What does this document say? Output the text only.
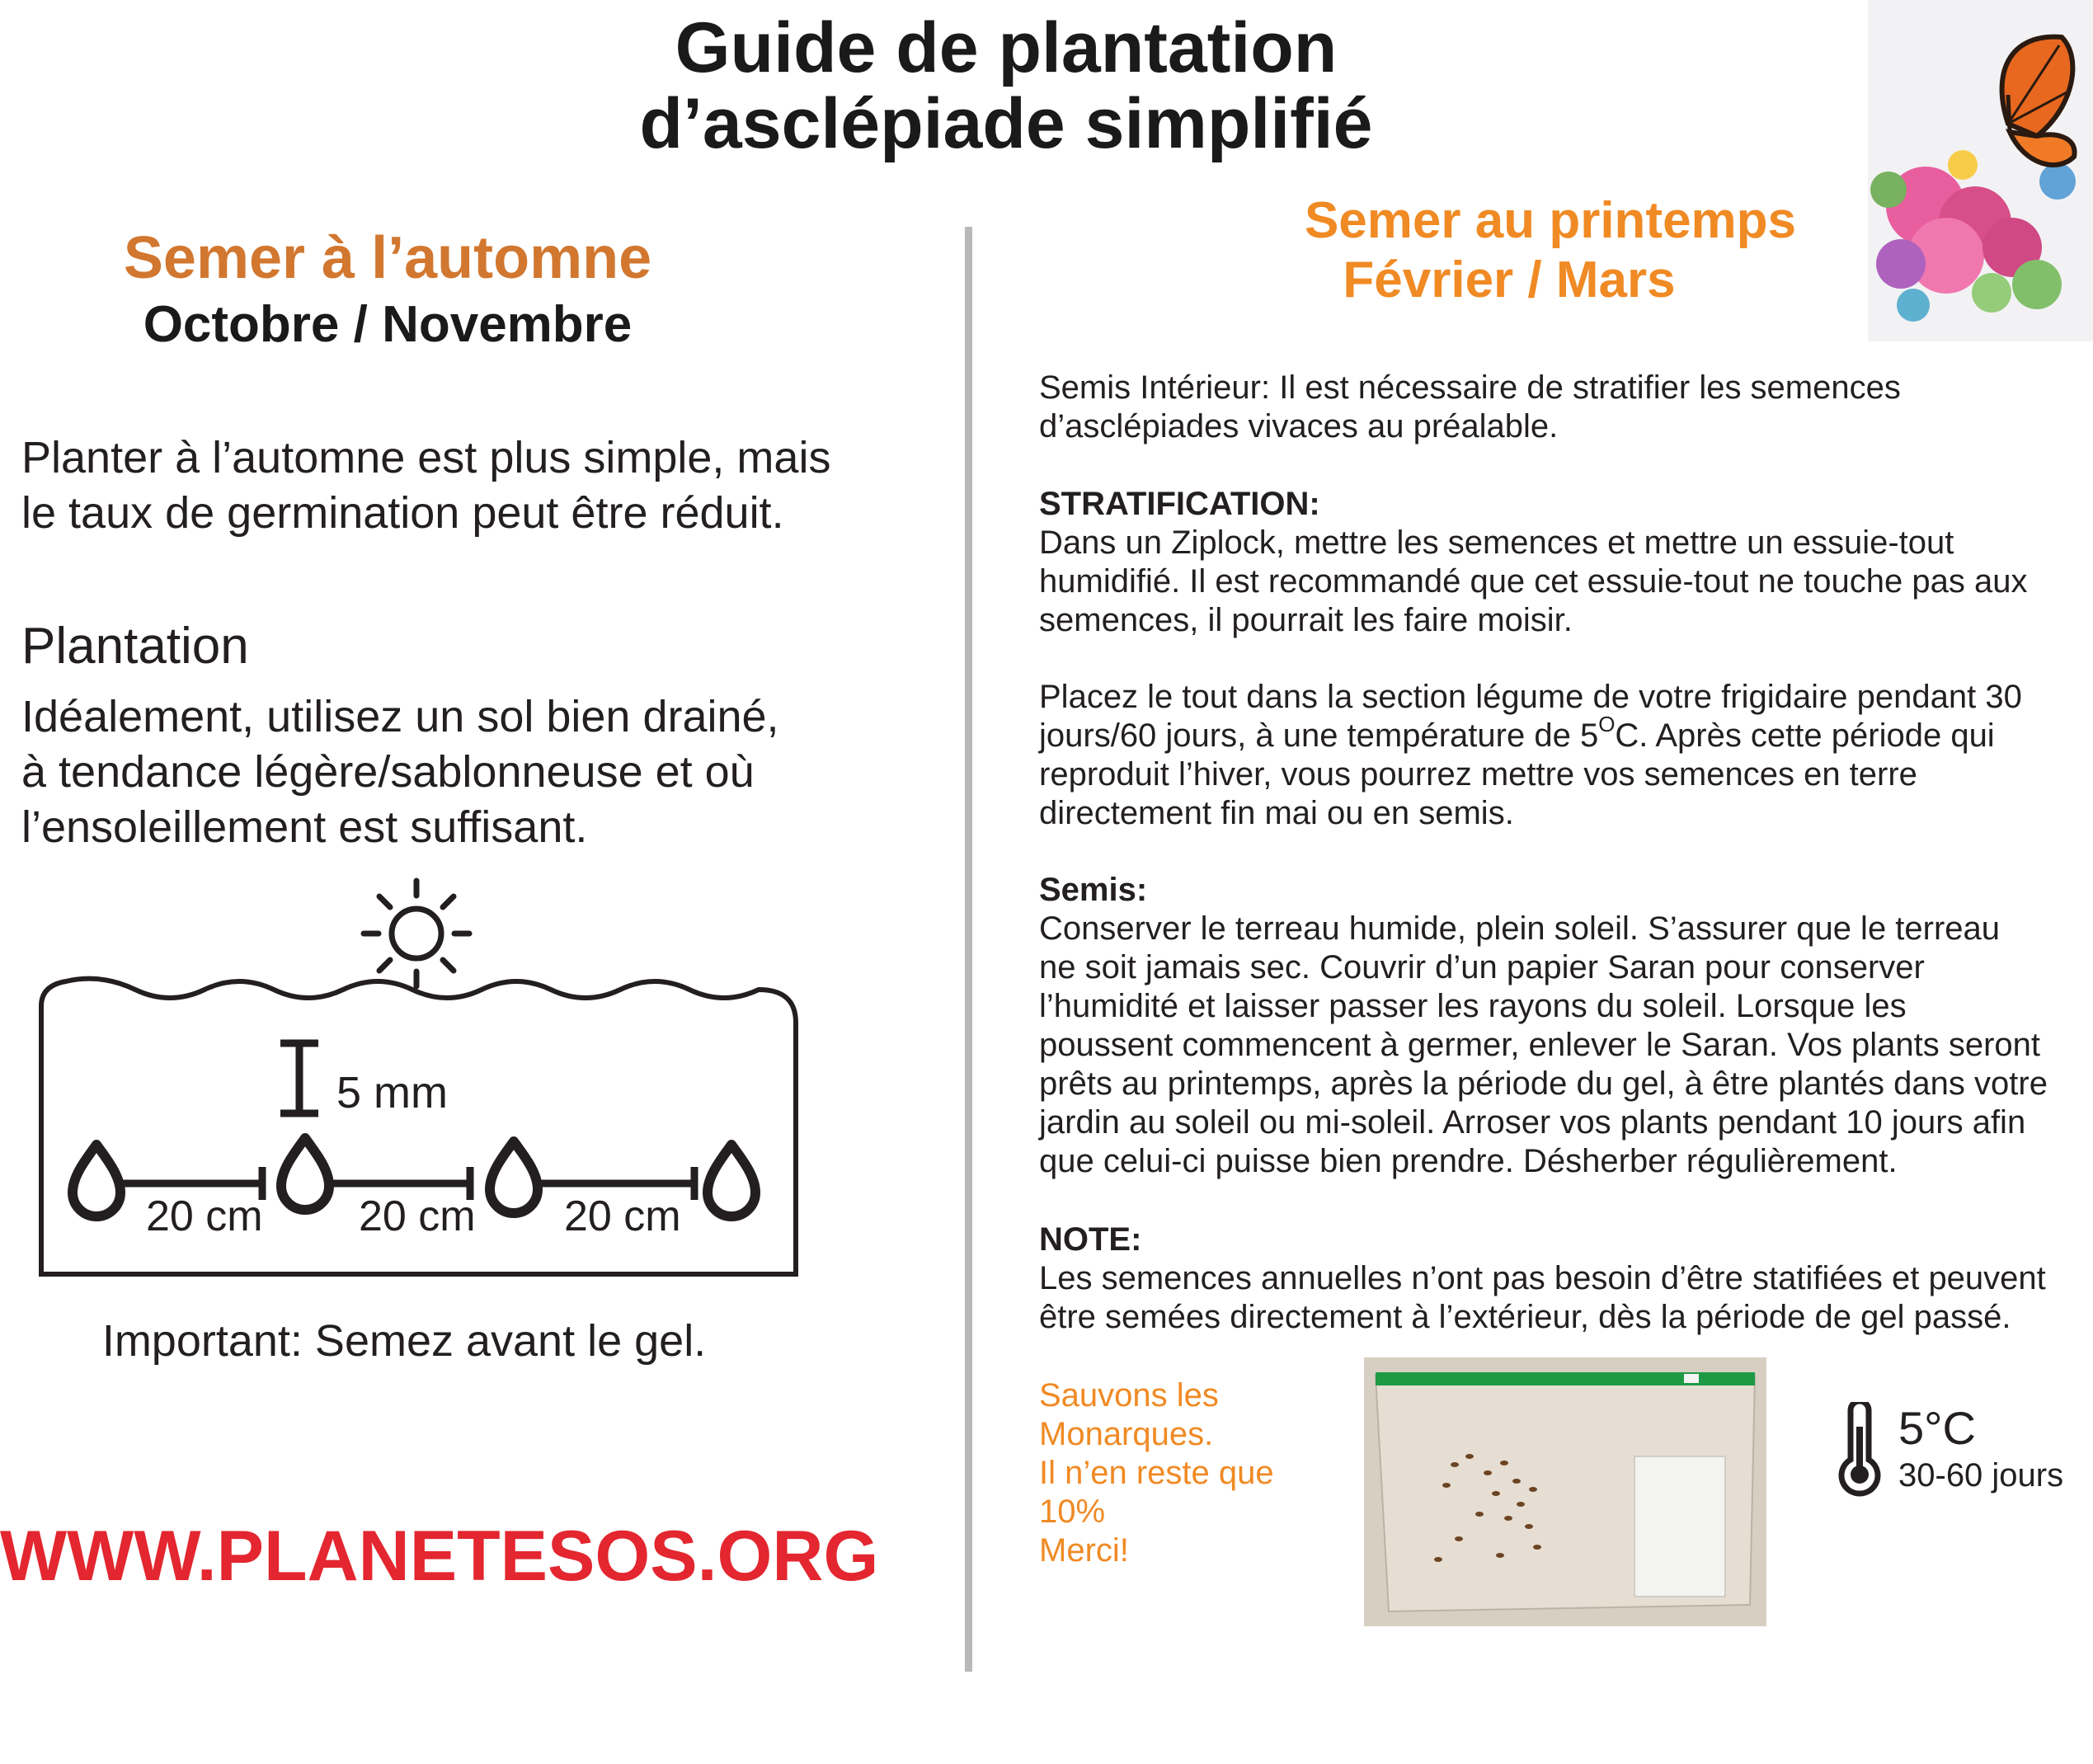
Guide de plantation
d’asclépiade simplifié
Semer à l’automne
Octobre / Novembre
Planter à l’automne est plus simple, mais
le taux de germination peut être réduit.
Plantation
Idéalement, utilisez un sol bien drainé,
à tendance légère/sablonneuse et où
l’ensoleillement est suffisant.
5 mm
20 cm 20 cm 20 cm
Important: Semez avant le gel.
WWW.PLANETESOS.ORG
Semer au printemps
Février / Mars
Semis Intérieur: Il est nécessaire de stratifier les semences
d’asclépiades vivaces au préalable.
STRATIFICATION:
Dans un Ziplock, mettre les semences et mettre un essuie-tout
humidifié. Il est recommandé que cet essuie-tout ne touche pas aux
semences, il pourrait les faire moisir.
Placez le tout dans la section légume de votre frigidaire pendant 30
jours/60 jours, à une température de $5^OC$. Après cette période qui
reproduit l’hiver, vous pourrez mettre vos semences en terre
directement fin mai ou en semis.
Semis:
Conserver le terreau humide, plein soleil. S’assurer que le terreau
ne soit jamais sec. Couvrir d’un papier Saran pour conserver
l’humidité et laisser passer les rayons du soleil. Lorsque les
poussent commencent à germer, enlever le Saran. Vos plants seront
prêts au printemps, après la période du gel, à être plantés dans votre
jardin au soleil ou mi-soleil. Arroser vos plants pendant 10 jours afin
que celui-ci puisse bien prendre. Désherber régulièrement.
NOTE:
Les semences annuelles n’ont pas besoin d’être statifiées et peuvent
être semées directement à l’extérieur, dès la période de gel passé.
Sauvons les
Monarques.
Il n’en reste que
10%
Merci!
5°C
30-60 jours
